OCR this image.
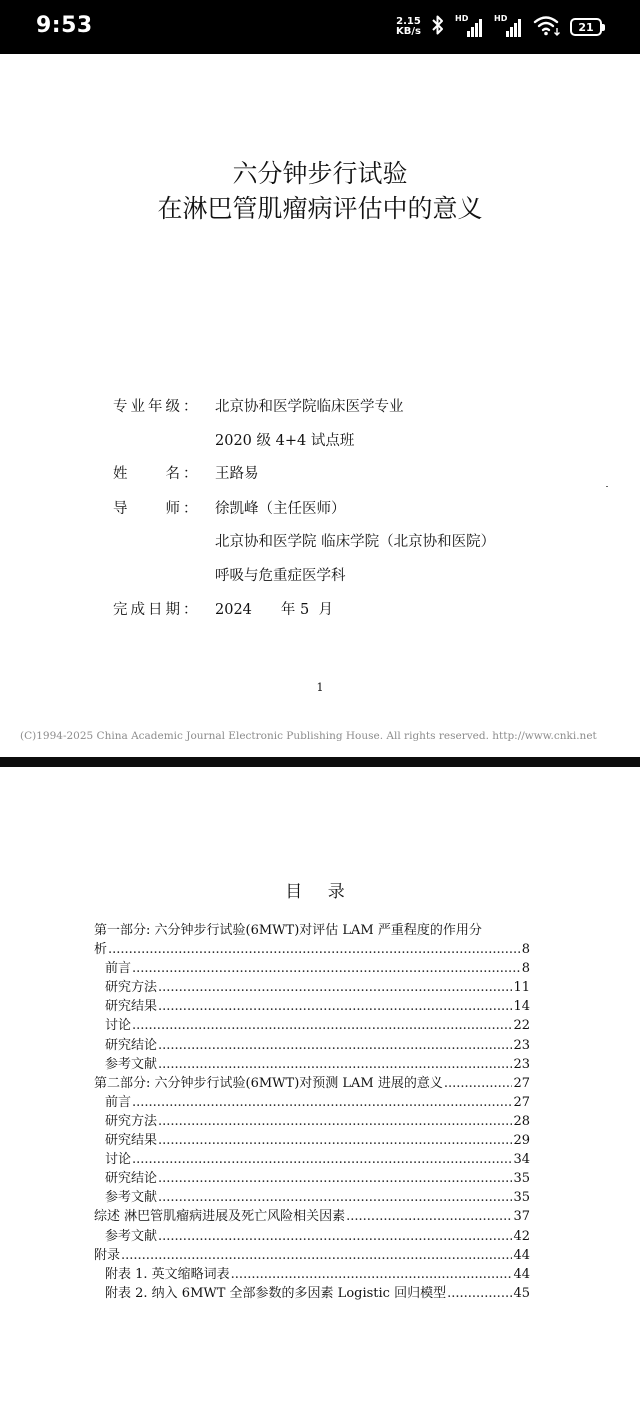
9:53	2.15
KB/s
HD	HD
21
六分钟步行试验
在淋巴管肌瘤病评估中的意义
专业年级： 北京协和医学院临床医学专业
2020 级 4+4 试点班
姓　　名： 王路易
导　　师： 徐凯峰（主任医师）
北京协和医学院 临床学院（北京协和医院）
呼吸与危重症医学科
完成日期： 2024　　年 5  月
1
(C)1994-2025 China Academic Journal Electronic Publishing House. All rights reserved. http://www.cnki.net
目 录
第一部分: 六分钟步行试验(6MWT)对评估 LAM 严重程度的作用分
析 .....	8
前言 .....	8
研究方法 .....	11
研究结果 .....	14
讨论 .....	22
研究结论 .....	23
参考文献 .....	23
第二部分: 六分钟步行试验(6MWT)对预测 LAM 进展的意义 .....	27
前言 .....	27
研究方法 .....	28
研究结果 .....	29
讨论 .....	34
研究结论 .....	35
参考文献 .....	35
综述 淋巴管肌瘤病进展及死亡风险相关因素 .....	37
参考文献 .....	42
附录 .....	44
附表 1. 英文缩略词表 .....	44
附表 2. 纳入 6MWT 全部参数的多因素 Logistic 回归模型 .....	45
